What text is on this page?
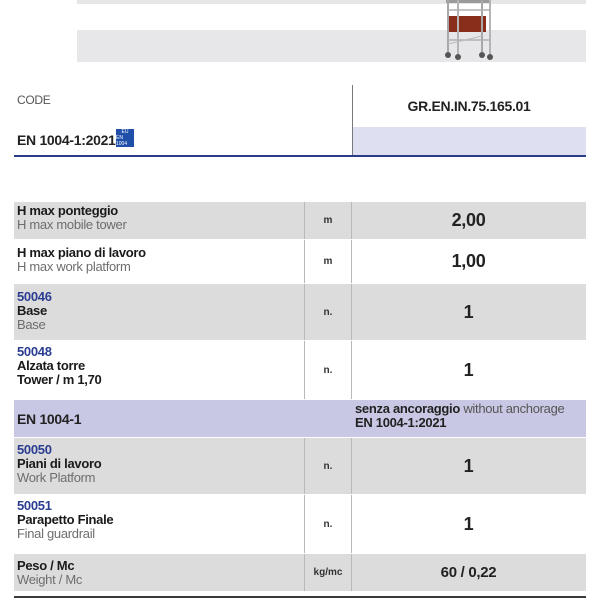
CODE	GR.EN.IN.75.165.01
EN 1004-1:2021 EU
EN 1004
H max ponteggio
H max mobile tower	m	2,00
H max piano di lavoro
H max work platform	m	1,00
50046
Base
Base
n.	1
50048
Alzata torre
Tower / m 1,70
n.	1
EN 1004-1
senza ancoraggio without anchorage
EN 1004-1:2021
50050
Piani di lavoro
Work Platform
n.	1
50051
Parapetto Finale
Final guardrail
n.	1
Peso / Mc
Weight / Mc	kg/mc	60 / 0,22
